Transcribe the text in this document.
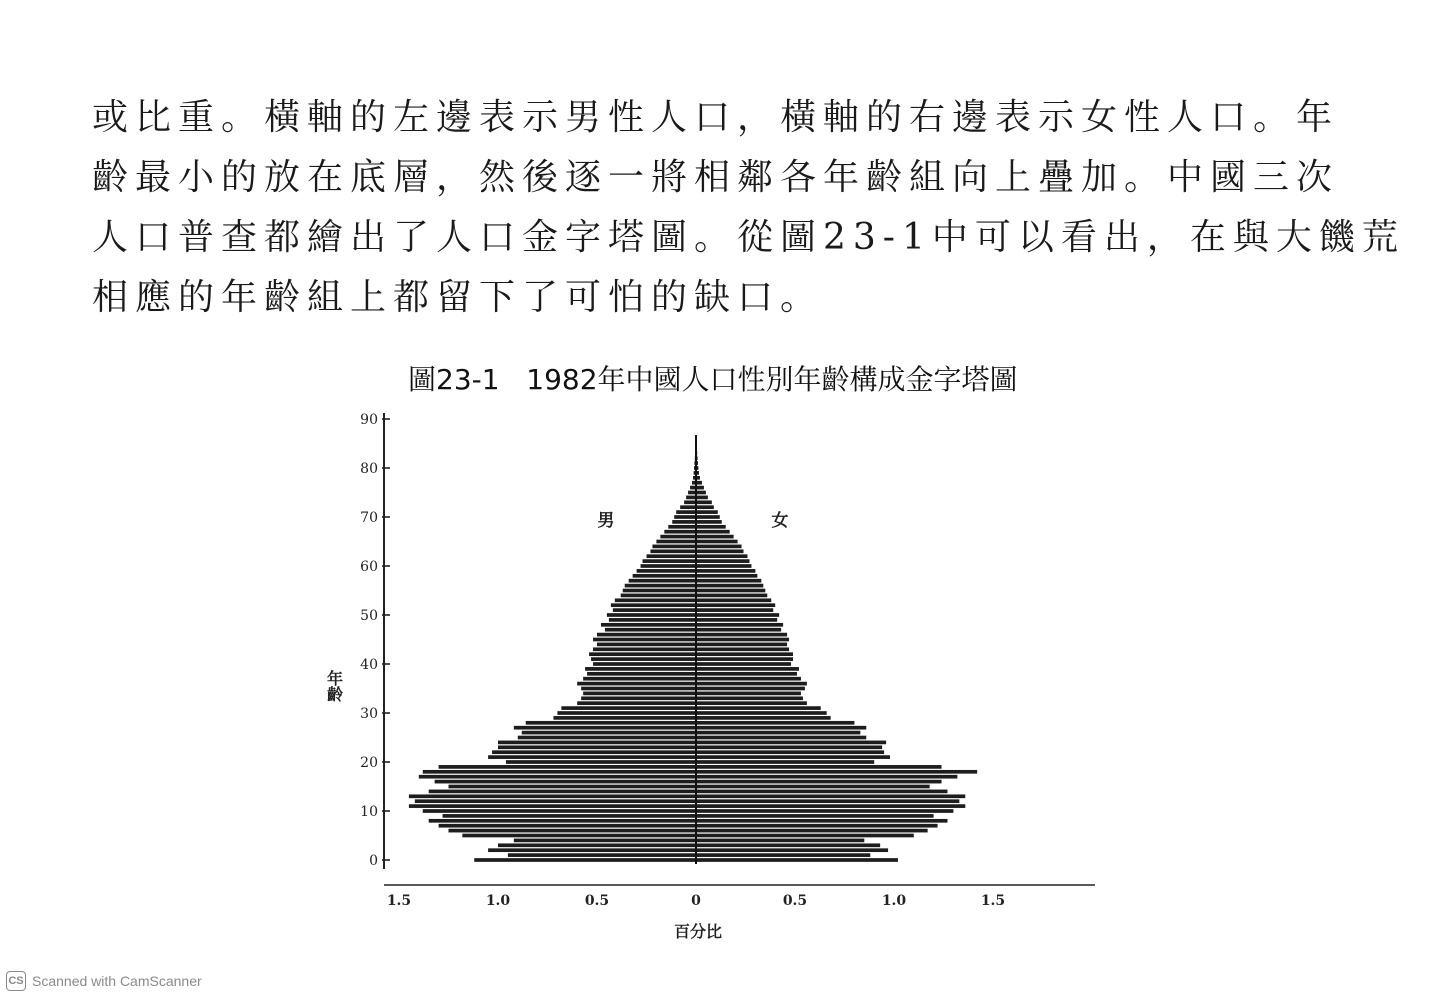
或比重。橫軸的左邊表示男性人口，橫軸的右邊表示女性人口。年
齡最小的放在底層，然後逐一將相鄰各年齡組向上疊加。中國三次
人口普查都繪出了人口金字塔圖。從圖23-1中可以看出，在與大饑荒
相應的年齡組上都留下了可怕的缺口。
圖23-1   1982年中國人口性別年齡構成金字塔圖
0
10
20
30
40
50
60
70
80
90
1.5	1.0	0.5	0	0.5	1.0	1.5
年齡
百分比
男	女
CS Scanned with CamScanner
